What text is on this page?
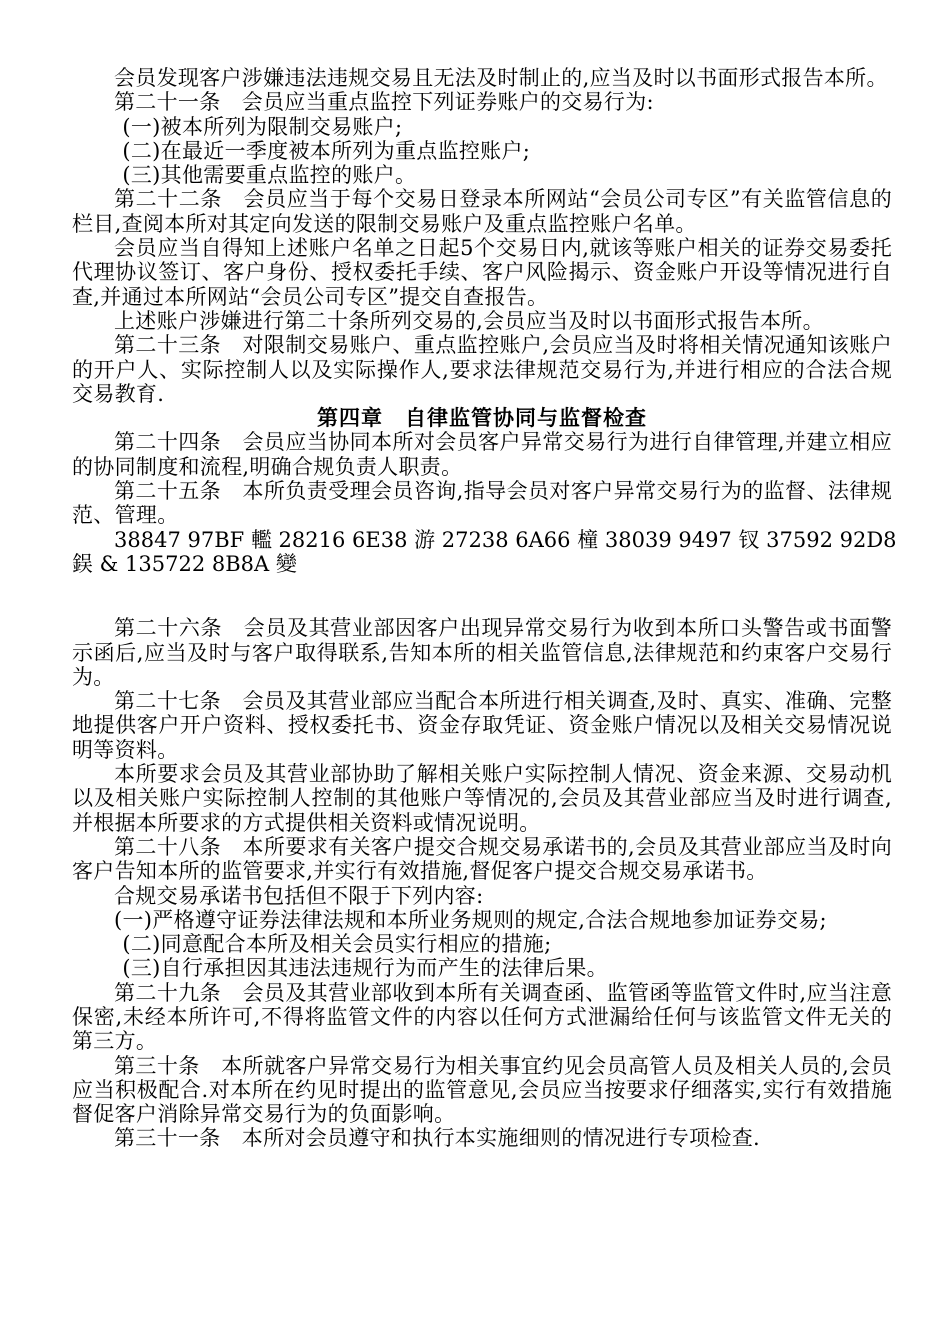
会员发现客户涉嫌违法违规交易且无法及时制止的,应当及时以书面形式报告本所。

第二十一条　会员应当重点监控下列证券账户的交易行为:

(一)被本所列为限制交易账户;

(二)在最近一季度被本所列为重点监控账户;

(三)其他需要重点监控的账户。

第二十二条　会员应当于每个交易日登录本所网站“会员公司专区”有关监管信息的栏目,查阅本所对其定向发送的限制交易账户及重点监控账户名单。

会员应当自得知上述账户名单之日起5个交易日内,就该等账户相关的证券交易委托代理协议签订、客户身份、授权委托手续、客户风险揭示、资金账户开设等情况进行自查,并通过本所网站“会员公司专区”提交自查报告。

上述账户涉嫌进行第二十条所列交易的,会员应当及时以书面形式报告本所。

第二十三条　对限制交易账户、重点监控账户,会员应当及时将相关情况通知该账户的开户人、实际控制人以及实际操作人,要求法律规范交易行为,并进行相应的合法合规交易教育.

第四章　自律监管协同与监督检查

第二十四条　会员应当协同本所对会员客户异常交易行为进行自律管理,并建立相应的协同制度和流程,明确合规负责人职责。

第二十五条　本所负责受理会员咨询,指导会员对客户异常交易行为的监督、法律规范、管理。

38847 97BF 轞 28216 6E38 游 27238 6A66 橦 38039 9497 钗 37592 92D8

鋘 & 135722 8B8A 變

第二十六条　会员及其营业部因客户出现异常交易行为收到本所口头警告或书面警示函后,应当及时与客户取得联系,告知本所的相关监管信息,法律规范和约束客户交易行为。

第二十七条　会员及其营业部应当配合本所进行相关调查,及时、真实、准确、完整地提供客户开户资料、授权委托书、资金存取凭证、资金账户情况以及相关交易情况说明等资料。

本所要求会员及其营业部协助了解相关账户实际控制人情况、资金来源、交易动机以及相关账户实际控制人控制的其他账户等情况的,会员及其营业部应当及时进行调查,并根据本所要求的方式提供相关资料或情况说明。

第二十八条　本所要求有关客户提交合规交易承诺书的,会员及其营业部应当及时向客户告知本所的监管要求,并实行有效措施,督促客户提交合规交易承诺书。

合规交易承诺书包括但不限于下列内容:

(一)严格遵守证券法律法规和本所业务规则的规定,合法合规地参加证券交易;

(二)同意配合本所及相关会员实行相应的措施;

(三)自行承担因其违法违规行为而产生的法律后果。

第二十九条　会员及其营业部收到本所有关调查函、监管函等监管文件时,应当注意保密,未经本所许可,不得将监管文件的内容以任何方式泄漏给任何与该监管文件无关的第三方。

第三十条　本所就客户异常交易行为相关事宜约见会员高管人员及相关人员的,会员应当积极配合.对本所在约见时提出的监管意见,会员应当按要求仔细落实,实行有效措施督促客户消除异常交易行为的负面影响。

第三十一条　本所对会员遵守和执行本实施细则的情况进行专项检查.
